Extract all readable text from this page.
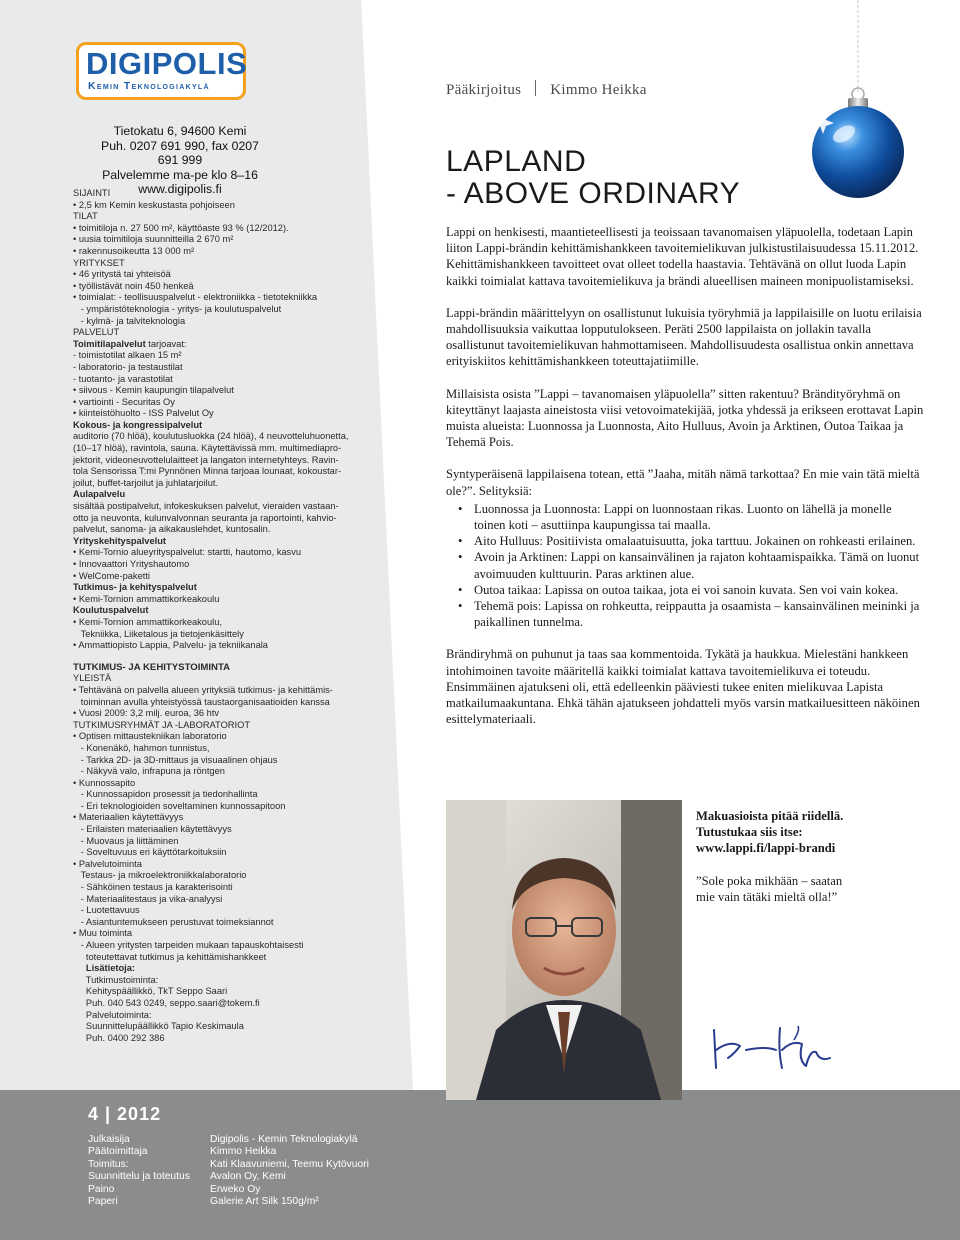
DIGIPOLIS
Kemin Teknologiakylä
Tietokatu 6, 94600 Kemi
Puh. 0207 691 990, fax 0207 691 999
Palvelemme ma-pe klo 8–16
www.digipolis.fi
SIJAINTI
• 2,5 km Kemin keskustasta pohjoiseen
TILAT
• toimitiloja n. 27 500 m², käyttöaste 93 % (12/2012).
• uusia toimitiloja suunnitteilla 2 670 m²
• rakennusoikeutta 13 000 m²
YRITYKSET
• 46 yritystä tai yhteisöä
• työllistävät noin 450 henkeä
• toimialat: - teollisuuspalvelut - elektroniikka - tietotekniikka
- ympäristöteknologia - yritys- ja koulutuspalvelut
- kylmä- ja talviteknologia
PALVELUT
Toimitilapalvelut tarjoavat:
- toimistotilat alkaen 15 m²
- laboratorio- ja testaustilat
- tuotanto- ja varastotilat
• siivous - Kemin kaupungin tilapalvelut
• vartiointi - Securitas Oy
• kiinteistöhuolto - ISS Palvelut Oy
Kokous- ja kongressipalvelut
auditorio (70 hlöä), koulutusluokka (24 hlöä), 4 neuvotteluhuonetta,
(10–17 hlöä), ravintola, sauna. Käytettävissä mm. multimediapro-
jektorit, videoneuvottelulaitteet ja langaton internetyhteys. Ravin-
tola Sensorissa T:mi Pynnönen Minna tarjoaa lounaat, kokoustar-
joilut, buffet-tarjoilut ja juhlatarjoilut.
Aulapalvelu
sisältää postipalvelut, infokeskuksen palvelut, vieraiden vastaan-
otto ja neuvonta, kulunvalvonnan seuranta ja raportointi, kahvio-
palvelut, sanoma- ja aikakauslehdet, kuntosalin.
Yrityskehityspalvelut
• Kemi-Tornio alueyrityspalvelut: startti, hautomo, kasvu
• Innovaattori Yrityshautomo
• WelCome-paketti
Tutkimus- ja kehityspalvelut
• Kemi-Tornion ammattikorkeakoulu
Koulutuspalvelut
• Kemi-Tornion ammattikorkeakoulu,
Tekniikka, Liiketalous ja tietojenkäsittely
• Ammattiopisto Lappia, Palvelu- ja tekniikanala
TUTKIMUS- JA KEHITYSTOIMINTA
YLEISTÄ
• Tehtävänä on palvella alueen yrityksiä tutkimus- ja kehittämis-
toiminnan avulla yhteistyössä taustaorganisaatioiden kanssa
• Vuosi 2009: 3,2 milj. euroa, 36 htv
TUTKIMUSRYHMÄT JA -LABORATORIOT
• Optisen mittaustekniikan laboratorio
- Konenäkö, hahmon tunnistus,
- Tarkka 2D- ja 3D-mittaus ja visuaalinen ohjaus
- Näkyvä valo, infrapuna ja röntgen
• Kunnossapito
- Kunnossapidon prosessit ja tiedonhallinta
- Eri teknologioiden soveltaminen kunnossapitoon
• Materiaalien käytettävyys
- Erilaisten materiaalien käytettävyys
- Muovaus ja liittäminen
- Soveltuvuus eri käyttötarkoituksiin
• Palvelutoiminta
Testaus- ja mikroelektroniikkalaboratorio
- Sähköinen testaus ja karakterisointi
- Materiaalitestaus ja vika-analyysi
- Luotettavuus
- Asiantuntemukseen perustuvat toimeksiannot
• Muu toiminta
- Alueen yritysten tarpeiden mukaan tapauskohtaisesti
toteutettavat tutkimus ja kehittämishankkeet
Lisätietoja:
Tutkimustoiminta:
Kehityspäällikkö, TkT Seppo Saari
Puh. 040 543 0249, seppo.saari@tokem.fi
Palvelutoiminta:
Suunnittelupäällikkö Tapio Keskimaula
Puh. 0400 292 386
4 | 2012
Julkaisija	Digipolis - Kemin Teknologiakylä
Päätoimittaja	Kimmo Heikka
Toimitus:	Kati Klaavuniemi, Teemu Kytövuori
Suunnittelu ja toteutus	Avalon Oy, Kemi
Paino	Erweko Oy
Paperi	Galerie Art Silk 150g/m²
Pääkirjoitus Kimmo Heikka
LAPLAND
- ABOVE ORDINARY

Lappi on henkisesti, maantieteellisesti ja teoissaan tavanomaisen yläpuolella, todetaan Lapin liiton Lappi-brändin kehittämishankkeen tavoitemielikuvan julkistustilaisuudessa 15.11.2012. Kehittämishankkeen tavoitteet ovat olleet todella haastavia. Tehtävänä on ollut luoda Lapin kaikki toimialat kattava tavoitemielikuva ja brändi alueellisen maineen monipuolistamiseksi.

Lappi-brändin määrittelyyn on osallistunut lukuisia työryhmiä ja lappilaisille on luotu erilaisia mahdollisuuksia vaikuttaa lopputulokseen. Peräti 2500 lappilaista on jollakin tavalla osallistunut tavoitemielikuvan hahmottamiseen. Mahdollisuudesta osallistua onkin annettava erityiskiitos kehittämishankkeen toteuttajatiimille.

Millaisista osista ”Lappi – tavanomaisen yläpuolella” sitten rakentuu? Brändityöryhmä on kiteyttänyt laajasta aineistosta viisi vetovoimatekijää, jotka yhdessä ja erikseen erottavat Lapin muista alueista: Luonnossa ja Luonnosta, Aito Hulluus, Avoin ja Arktinen, Outoa Taikaa ja Tehemä Pois.

Syntyperäisenä lappilaisena totean, että ”Jaaha, mitäh nämä tarkottaa? En mie vain tätä mieltä ole?”. Selityksiä:

• Luonnossa ja Luonnosta: Lappi on luonnostaan rikas. Luonto on lähellä ja monelle toinen koti – asuttiinpa kaupungissa tai maalla.
• Aito Hulluus: Positiivista omalaatuisuutta, joka tarttuu. Jokainen on rohkeasti erilainen.
• Avoin ja Arktinen: Lappi on kansainvälinen ja rajaton kohtaamispaikka. Tämä on luonut avoimuuden kulttuurin. Paras arktinen alue.
• Outoa taikaa: Lapissa on outoa taikaa, jota ei voi sanoin kuvata. Sen voi vain kokea.
• Tehemä pois: Lapissa on rohkeutta, reippautta ja osaamista – kansainvälinen meininki ja paikallinen tunnelma.

Brändiryhmä on puhunut ja taas saa kommentoida. Tykätä ja haukkua. Mielestäni hankkeen intohimoinen tavoite määritellä kaikki toimialat kattava tavoitemielikuva ei toteudu. Ensimmäinen ajatukseni oli, että edelleenkin pääviesti tukee eniten mielikuvaa Lapista matkailumaakuntana. Ehkä tähän ajatukseen johdatteli myös varsin matkailuesitteen näköinen esittelymateriaali.

Makuasioista pitää riidellä.
Tutustukaa siis itse:
www.lappi.fi/lappi-brandi
”Sole poka mikhään – saatan
mie vain tätäki mieltä olla!”
